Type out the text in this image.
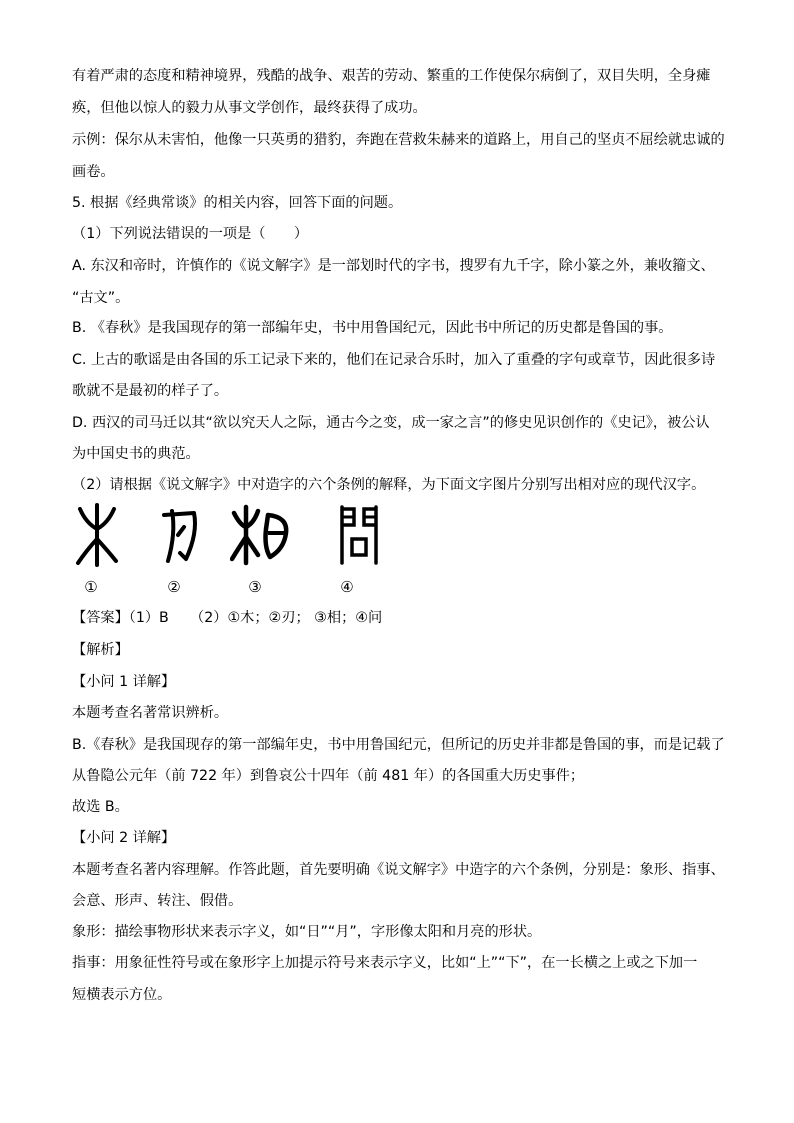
有着严肃的态度和精神境界，残酷的战争、艰苦的劳动、繁重的工作使保尔病倒了，双目失明，全身瘫
痪，但他以惊人的毅力从事文学创作，最终获得了成功。
示例：保尔从未害怕，他像一只英勇的猎豹，奔跑在营救朱赫来的道路上，用自己的坚贞不屈绘就忠诚的
画卷。
5. 根据《经典常谈》的相关内容，回答下面的问题。
（1）下列说法错误的一项是（　　）
A. 东汉和帝时，许慎作的《说文解字》是一部划时代的字书，搜罗有九千字，除小篆之外，兼收籀文、
“古文”。
B. 《春秋》是我国现存的第一部编年史，书中用鲁国纪元，因此书中所记的历史都是鲁国的事。
C. 上古的歌谣是由各国的乐工记录下来的，他们在记录合乐时，加入了重叠的字句或章节，因此很多诗
歌就不是最初的样子了。
D. 西汉的司马迁以其“欲以究天人之际，通古今之变，成一家之言”的修史见识创作的《史记》，被公认
为中国史书的典范。
（2）请根据《说文解字》中对造字的六个条例的解释，为下面文字图片分别写出相对应的现代汉字。
①	②	③	④
【答案】（1）B　　（2）①木；②刃； ③相；④问
【解析】
【小问 1 详解】
本题考查名著常识辨析。
B.《春秋》是我国现存的第一部编年史，书中用鲁国纪元，但所记的历史并非都是鲁国的事，而是记载了
从鲁隐公元年（前 722 年）到鲁哀公十四年（前 481 年）的各国重大历史事件；
故选 B。
【小问 2 详解】
本题考查名著内容理解。作答此题，首先要明确《说文解字》中造字的六个条例，分别是：象形、指事、
会意、形声、转注、假借。
象形：描绘事物形状来表示字义，如“日”“月”，字形像太阳和月亮的形状。
指事：用象征性符号或在象形字上加提示符号来表示字义，比如“上”“下”，在一长横之上或之下加一
短横表示方位。
